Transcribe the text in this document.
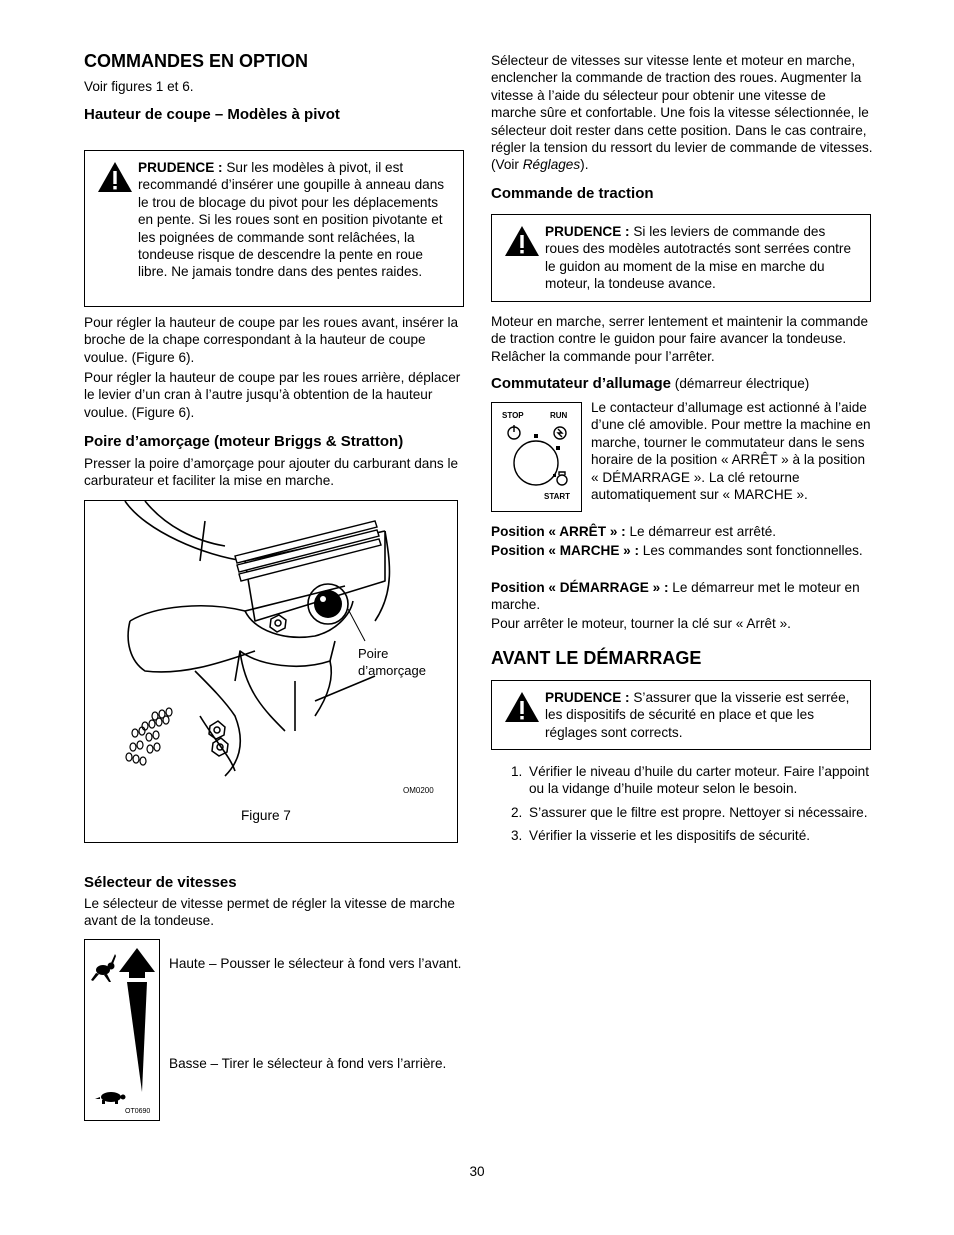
COMMANDES EN OPTION

Voir figures 1 et 6.

Hauteur de coupe – Modèles à pivot
PRUDENCE : Sur les modèles à pivot, il est recommandé d’insérer une goupille à anneau dans le trou de blocage du pivot pour les déplacements en pente. Si les roues sont en position pivotante et les poignées de commande sont relâchées, la tondeuse risque de descendre la pente en roue libre. Ne jamais tondre dans des pentes raides.

Pour régler la hauteur de coupe par les roues avant, insérer la broche de la chape correspondant à la hauteur de coupe voulue. (Figure 6).

Pour régler la hauteur de coupe par les roues arrière, déplacer le levier d’un cran à l’autre jusqu’à obtention de la hauteur voulue. (Figure 6).

Poire d’amorçage (moteur Briggs & Stratton)

Presser la poire d’amorçage pour ajouter du carburant dans le carburateur et faciliter la mise en marche.

Poire
d’amorçage
OM0200
Figure 7
Sélecteur de vitesses

Le sélecteur de vitesse permet de régler la vitesse de marche avant de la tondeuse.

OT0690

Haute – Pousser le sélecteur à fond vers l’avant.

Basse – Tirer le sélecteur à fond vers l’arrière.

Sélecteur de vitesses sur vitesse lente et moteur en marche, enclencher la commande de traction des roues. Augmenter la vitesse à l’aide du sélecteur pour obtenir une vitesse de marche sûre et confortable. Une fois la vitesse sélectionnée, le sélecteur doit rester dans cette position. Dans le cas contraire, régler la tension du ressort du levier de commande de vitesses. (Voir Réglages).

Commande de traction
PRUDENCE : Si les leviers de commande des roues des modèles autotractés sont serrées contre le guidon au moment de la mise en marche du moteur, la tondeuse avance.

Moteur en marche, serrer lentement et maintenir la commande de traction contre le guidon pour faire avancer la tondeuse. Relâcher la commande pour l’arrêter.

Commutateur d’allumage (démarreur électrique)
STOP	RUN
START

Le contacteur d’allumage est actionné à l’aide d’une clé amovible. Pour mettre la machine en marche, tourner le commutateur dans le sens horaire de la position « ARRÊT » à la position « DÉMARRAGE ». La clé retourne automatiquement sur « MARCHE ».

Position « ARRÊT » : Le démarreur est arrêté.

Position « MARCHE » : Les commandes sont fonctionnelles.

Position « DÉMARRAGE » : Le démarreur met le moteur en marche.

Pour arrêter le moteur, tourner la clé sur « Arrêt ».

AVANT LE DÉMARRAGE
PRUDENCE : S’assurer que la visserie est serrée, les dispositifs de sécurité en place et que les réglages sont corrects.
1. Vérifier le niveau d’huile du carter moteur. Faire l’appoint ou la vidange d’huile moteur selon le besoin.
2. S’assurer que le filtre est propre. Nettoyer si nécessaire.
3. Vérifier la visserie et les dispositifs de sécurité.
30
